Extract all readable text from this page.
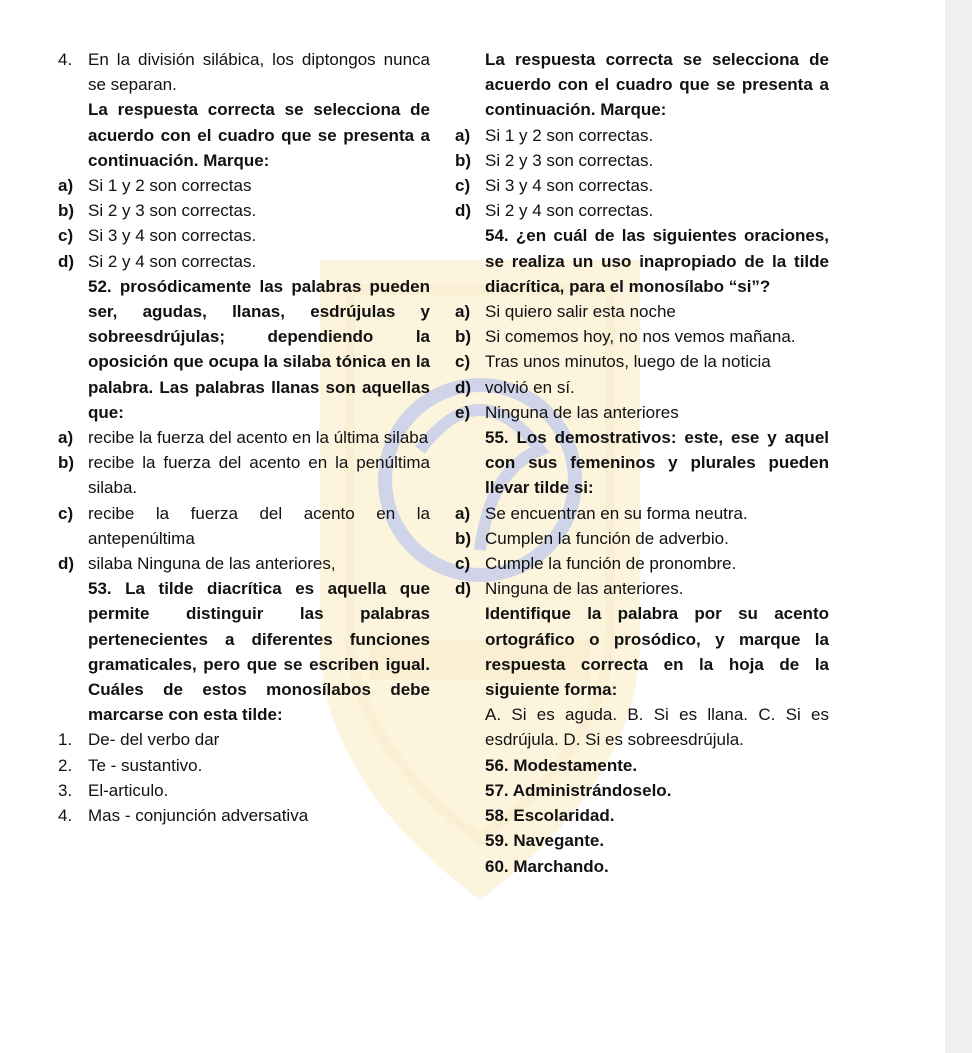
4. En la división silábica, los diptongos nunca se separan.
La respuesta correcta se selecciona de acuerdo con el cuadro que se presenta a continuación. Marque:
a) Si 1 y 2 son correctas
b) Si 2 y 3 son correctas.
c) Si 3 y 4 son correctas.
d) Si 2 y 4 son correctas.
52. prosódicamente las palabras pueden ser, agudas, llanas, esdrújulas y sobreesdrújulas; dependiendo la oposición que ocupa la silaba tónica en la palabra. Las palabras llanas son aquellas que:
a) recibe la fuerza del acento en la última silaba
b) recibe la fuerza del acento en la penúltima silaba.
c) recibe la fuerza del acento en la antepenúltima
d) silaba Ninguna de las anteriores,
53. La tilde diacrítica es aquella que permite distinguir las palabras pertenecientes a diferentes funciones gramaticales, pero que se escriben igual. Cuáles de estos monosílabos debe marcarse con esta tilde:
1. De- del verbo dar
2. Te - sustantivo.
3. El-articulo.
4. Mas - conjunción adversativa
La respuesta correcta se selecciona de acuerdo con el cuadro que se presenta a continuación. Marque:
a) Si 1 y 2 son correctas.
b) Si 2 y 3 son correctas.
c) Si 3 y 4 son correctas.
d) Si 2 y 4 son correctas.
54. ¿en cuál de las siguientes oraciones, se realiza un uso inapropiado de la tilde diacrítica, para el monosílabo “si”?
a) Si quiero salir esta noche
b) Si comemos hoy, no nos vemos mañana.
c) Tras unos minutos, luego de la noticia
d) volvió en sí.
e) Ninguna de las anteriores
55. Los demostrativos: este, ese y aquel con sus femeninos y plurales pueden llevar tilde si:
a) Se encuentran en su forma neutra.
b) Cumplen la función de adverbio.
c) Cumple la función de pronombre.
d) Ninguna de las anteriores.
Identifique la palabra por su acento ortográfico o prosódico, y marque la respuesta correcta en la hoja de la siguiente forma:
A. Si es aguda. B. Si es llana. C. Si es esdrújula. D. Si es sobreesdrújula.
56. Modestamente.
57. Administrándoselo.
58. Escolaridad.
59. Navegante.
60. Marchando.
